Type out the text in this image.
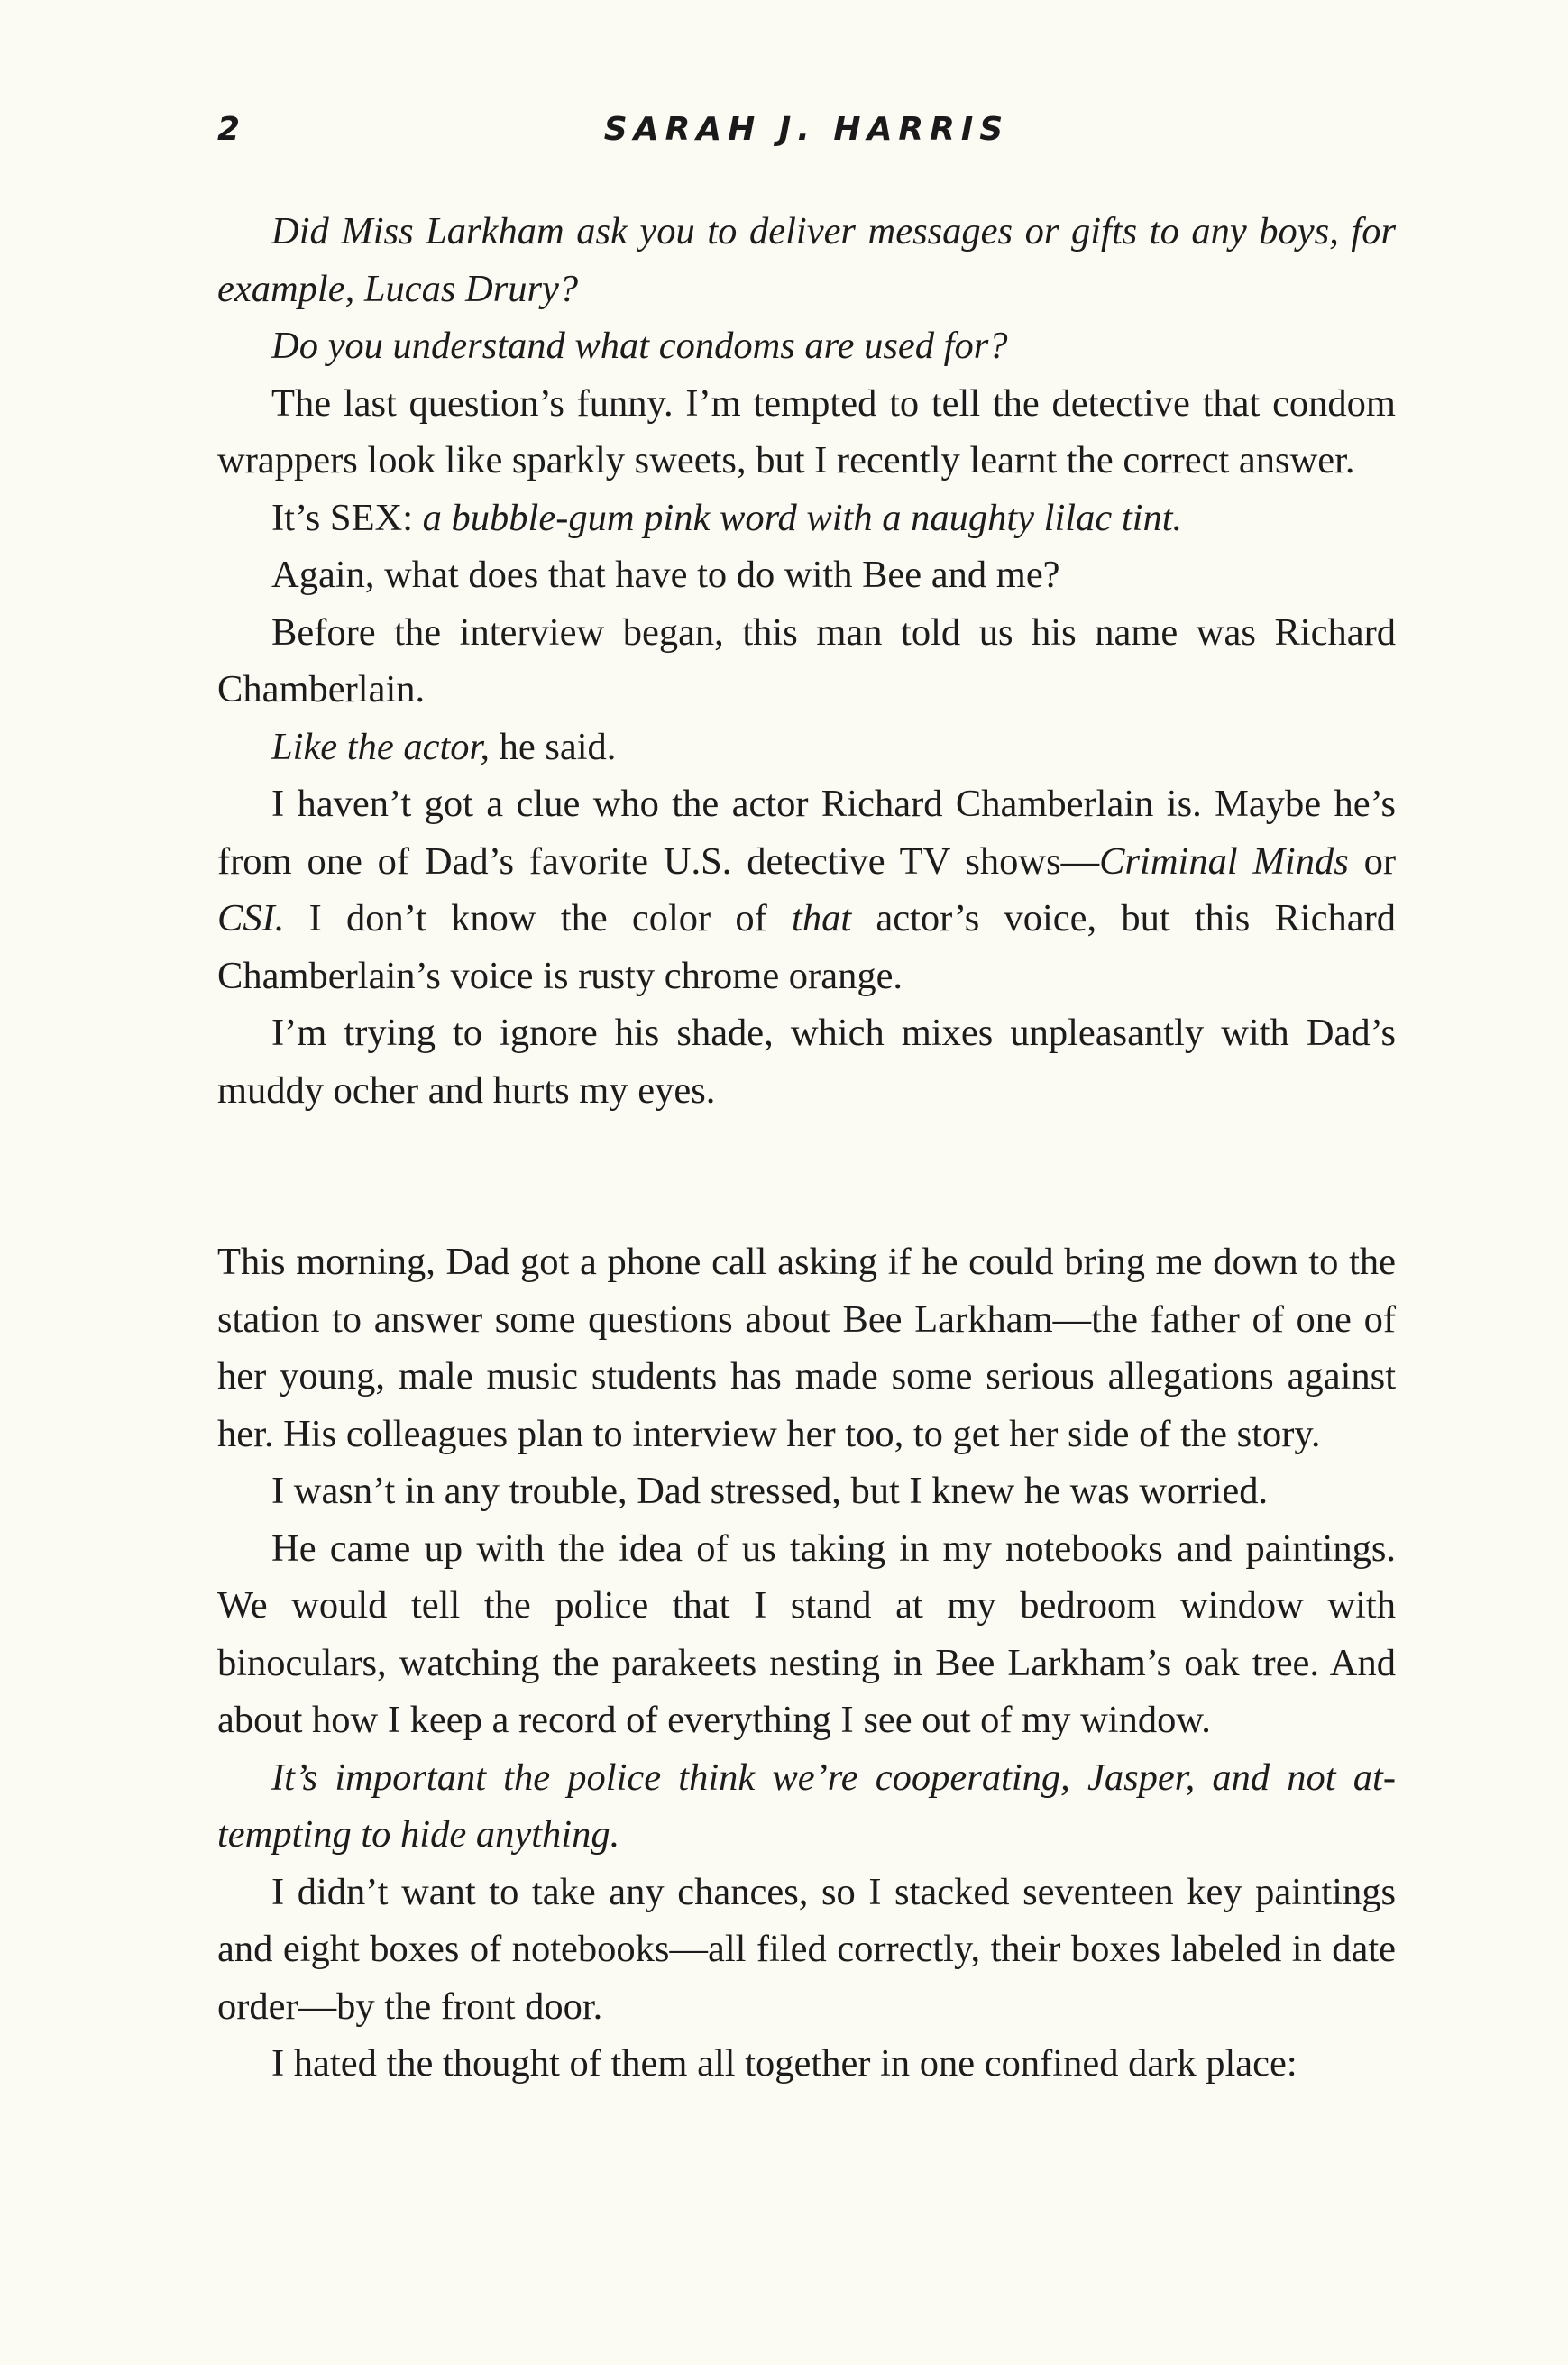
2	SARAH J. HARRIS

Did Miss Larkham ask you to deliver messages or gifts to any boys, for example, Lucas Drury?

Do you understand what condoms are used for?

The last question’s funny. I’m tempted to tell the detective that condom wrappers look like sparkly sweets, but I recently learnt the correct answer.

It’s SEX: a bubble-gum pink word with a naughty lilac tint.

Again, what does that have to do with Bee and me?

Before the interview began, this man told us his name was Richard Chamberlain.

Like the actor, he said.

I haven’t got a clue who the actor Richard Chamberlain is. Maybe he’s from one of Dad’s favorite U.S. detective TV shows—Criminal Minds or CSI. I don’t know the color of that actor’s voice, but this Richard Chamberlain’s voice is rusty chrome orange.

I’m trying to ignore his shade, which mixes unpleasantly with Dad’s muddy ocher and hurts my eyes.

This morning, Dad got a phone call asking if he could bring me down to the station to answer some questions about Bee Larkham—the father of one of her young, male music students has made some serious allegations against her. His colleagues plan to interview her too, to get her side of the story.

I wasn’t in any trouble, Dad stressed, but I knew he was worried.

He came up with the idea of us taking in my notebooks and paintings. We would tell the police that I stand at my bedroom window with binoculars, watching the parakeets nesting in Bee Larkham’s oak tree. And about how I keep a record of everything I see out of my window.

It’s important the police think we’re cooperating, Jasper, and not attempting to hide anything.

I didn’t want to take any chances, so I stacked seventeen key paintings and eight boxes of notebooks—all filed correctly, their boxes labeled in date order—by the front door.

I hated the thought of them all together in one confined dark place:
